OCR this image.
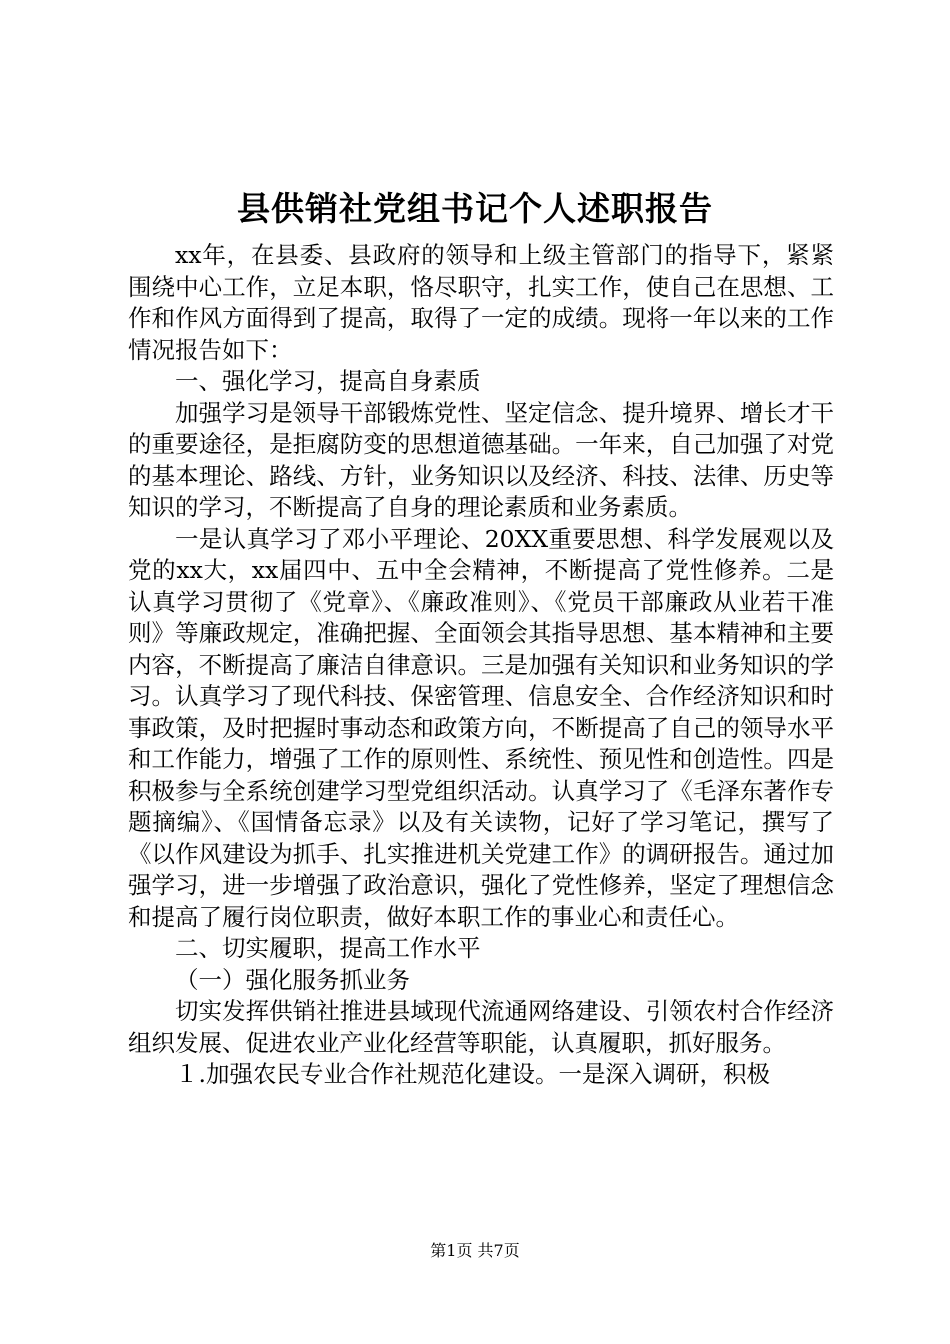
县供销社党组书记个人述职报告

xx年，在县委、县政府的领导和上级主管部门的指导下，紧紧围绕中心工作，立足本职，恪尽职守，扎实工作，使自己在思想、工作和作风方面得到了提高，取得了一定的成绩。现将一年以来的工作情况报告如下：

一、强化学习，提高自身素质

加强学习是领导干部锻炼党性、坚定信念、提升境界、增长才干的重要途径，是拒腐防变的思想道德基础。一年来，自己加强了对党的基本理论、路线、方针，业务知识以及经济、科技、法律、历史等知识的学习，不断提高了自身的理论素质和业务素质。

一是认真学习了邓小平理论、20XX重要思想、科学发展观以及党的xx大，xx届四中、五中全会精神，不断提高了党性修养。二是认真学习贯彻了《党章》、《廉政准则》、《党员干部廉政从业若干准则》等廉政规定，准确把握、全面领会其指导思想、基本精神和主要内容，不断提高了廉洁自律意识。三是加强有关知识和业务知识的学习。认真学习了现代科技、保密管理、信息安全、合作经济知识和时事政策，及时把握时事动态和政策方向，不断提高了自己的领导水平和工作能力，增强了工作的原则性、系统性、预见性和创造性。四是积极参与全系统创建学习型党组织活动。认真学习了《毛泽东著作专题摘编》、《国情备忘录》以及有关读物，记好了学习笔记，撰写了《以作风建设为抓手、扎实推进机关党建工作》的调研报告。通过加强学习，进一步增强了政治意识，强化了党性修养，坚定了理想信念和提高了履行岗位职责，做好本职工作的事业心和责任心。

二、切实履职，提高工作水平

（一）强化服务抓业务

切实发挥供销社推进县域现代流通网络建设、引领农村合作经济组织发展、促进农业产业化经营等职能，认真履职，抓好服务。

１.加强农民专业合作社规范化建设。一是深入调研，积极

第1页 共7页
